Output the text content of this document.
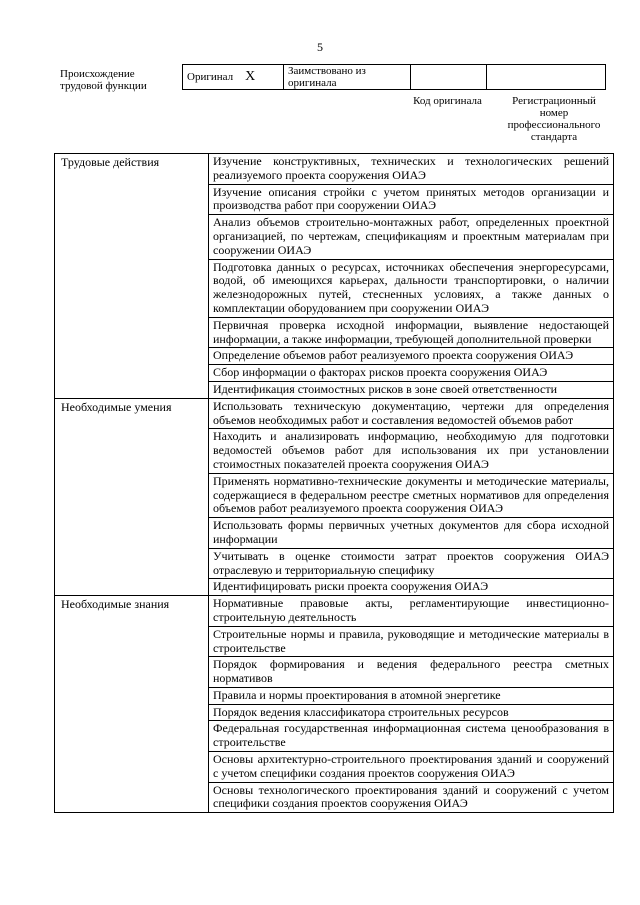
5
Происхождение трудовой функции
Оригинал X	Заимствовано из оригинала		
Код оригинала	Регистрационный номер профессионального стандарта
Трудовые действия	Изучение конструктивных, технических и технологических решений реализуемого проекта сооружения ОИАЭ
	Изучение описания стройки с учетом принятых методов организации и производства работ при сооружении ОИАЭ
	Анализ объемов строительно-монтажных работ, определенных проектной организацией, по чертежам, спецификациям и проектным материалам при сооружении ОИАЭ
	Подготовка данных о ресурсах, источниках обеспечения энергоресурсами, водой, об имеющихся карьерах, дальности транспортировки, о наличии железнодорожных путей, стесненных условиях, а также данных о комплектации оборудованием при сооружении ОИАЭ
	Первичная проверка исходной информации, выявление недостающей информации, а также информации, требующей дополнительной проверки
	Определение объемов работ реализуемого проекта сооружения ОИАЭ
	Сбор информации о факторах рисков проекта сооружения ОИАЭ
	Идентификация стоимостных рисков в зоне своей ответственности
Необходимые умения	Использовать техническую документацию, чертежи для определения объемов необходимых работ и составления ведомостей объемов работ
	Находить и анализировать информацию, необходимую для подготовки ведомостей объемов работ для использования их при установлении стоимостных показателей проекта сооружения ОИАЭ
	Применять нормативно-технические документы и методические материалы, содержащиеся в федеральном реестре сметных нормативов для определения объемов работ реализуемого проекта сооружения ОИАЭ
	Использовать формы первичных учетных документов для сбора исходной информации
	Учитывать в оценке стоимости затрат проектов сооружения ОИАЭ отраслевую и территориальную специфику
	Идентифицировать риски проекта сооружения ОИАЭ
Необходимые знания	Нормативные правовые акты, регламентирующие инвестиционно-строительную деятельность
	Строительные нормы и правила, руководящие и методические материалы в строительстве
	Порядок формирования и ведения федерального реестра сметных нормативов
	Правила и нормы проектирования в атомной энергетике
	Порядок ведения классификатора строительных ресурсов
	Федеральная государственная информационная система ценообразования в строительстве
	Основы архитектурно-строительного проектирования зданий и сооружений с учетом специфики создания проектов сооружения ОИАЭ
	Основы технологического проектирования зданий и сооружений с учетом специфики создания проектов сооружения ОИАЭ
